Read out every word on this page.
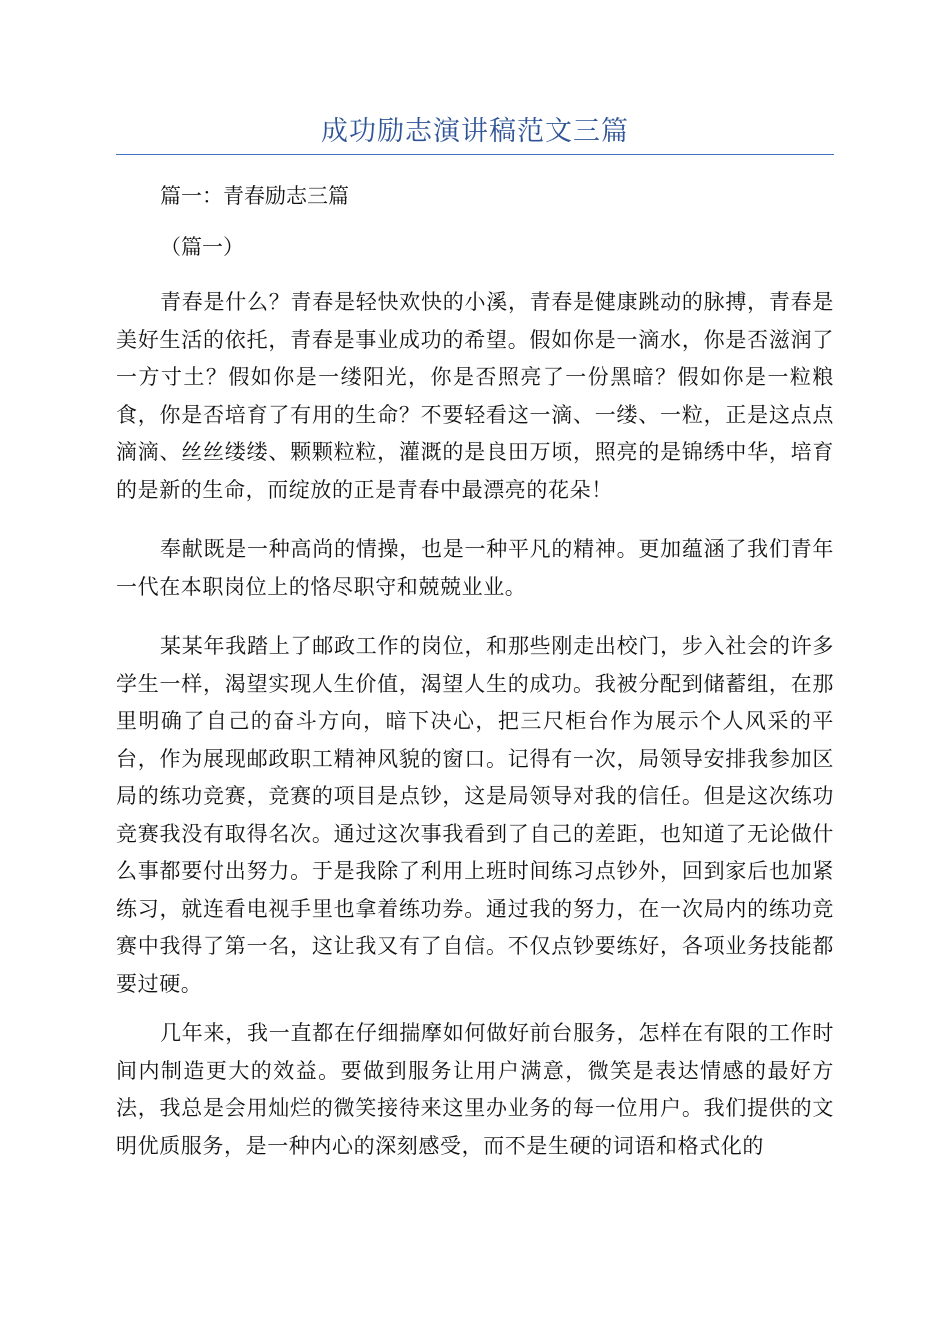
成功励志演讲稿范文三篇

篇一：青春励志三篇

（篇一）

青春是什么？青春是轻快欢快的小溪，青春是健康跳动的脉搏，青春是美好生活的依托，青春是事业成功的希望。假如你是一滴水，你是否滋润了一方寸土？假如你是一缕阳光，你是否照亮了一份黑暗？假如你是一粒粮食，你是否培育了有用的生命？不要轻看这一滴、一缕、一粒，正是这点点滴滴、丝丝缕缕、颗颗粒粒，灌溉的是良田万顷，照亮的是锦绣中华，培育的是新的生命，而绽放的正是青春中最漂亮的花朵！

奉献既是一种高尚的情操，也是一种平凡的精神。更加蕴涵了我们青年一代在本职岗位上的恪尽职守和兢兢业业。

某某年我踏上了邮政工作的岗位，和那些刚走出校门，步入社会的许多学生一样，渴望实现人生价值，渴望人生的成功。我被分配到储蓄组，在那里明确了自己的奋斗方向，暗下决心，把三尺柜台作为展示个人风采的平台，作为展现邮政职工精神风貌的窗口。记得有一次，局领导安排我参加区局的练功竞赛，竞赛的项目是点钞，这是局领导对我的信任。但是这次练功竞赛我没有取得名次。通过这次事我看到了自己的差距，也知道了无论做什么事都要付出努力。于是我除了利用上班时间练习点钞外，回到家后也加紧练习，就连看电视手里也拿着练功券。通过我的努力，在一次局内的练功竞赛中我得了第一名，这让我又有了自信。不仅点钞要练好，各项业务技能都要过硬。

几年来，我一直都在仔细揣摩如何做好前台服务，怎样在有限的工作时间内制造更大的效益。要做到服务让用户满意，微笑是表达情感的最好方法，我总是会用灿烂的微笑接待来这里办业务的每一位用户。我们提供的文明优质服务，是一种内心的深刻感受，而不是生硬的词语和格式化的
